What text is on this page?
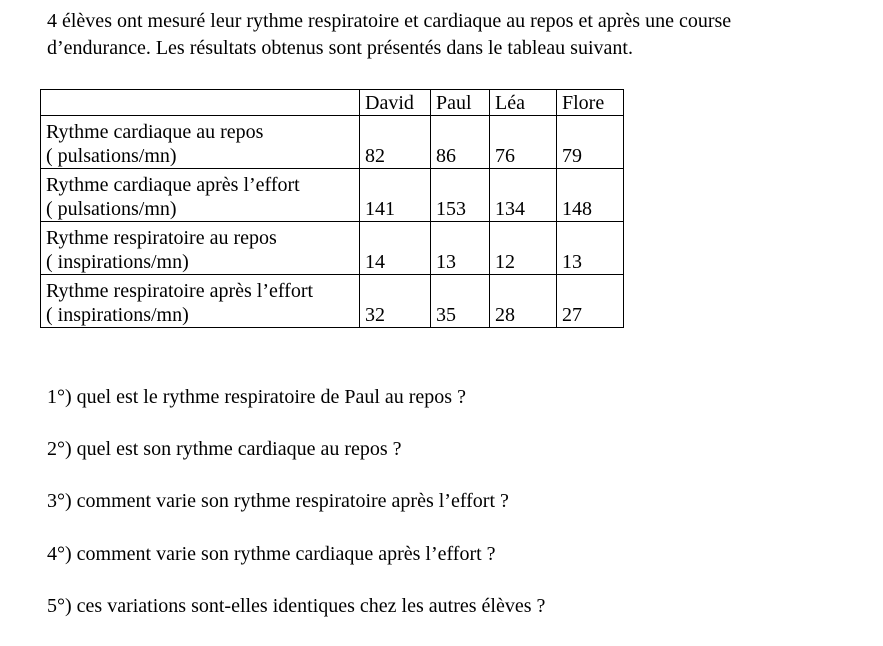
4 élèves ont mesuré leur rythme respiratoire et cardiaque au repos et après une course
d’endurance. Les résultats obtenus sont présentés dans le tableau suivant.

	David	Paul	Léa	Flore

Rythme cardiaque au repos
( pulsations/mn)	82	86	76	79

Rythme cardiaque après l’effort
( pulsations/mn)	141	153	134	148

Rythme respiratoire au repos
( inspirations/mn)	14	13	12	13

Rythme respiratoire après l’effort
( inspirations/mn)	32	35	28	27
1°) quel est le rythme respiratoire de Paul au repos ?
2°) quel est son rythme cardiaque au repos ?
3°) comment varie son rythme respiratoire après l’effort ?
4°) comment varie son rythme cardiaque après l’effort ?
5°) ces variations sont-elles identiques chez les autres élèves ?
